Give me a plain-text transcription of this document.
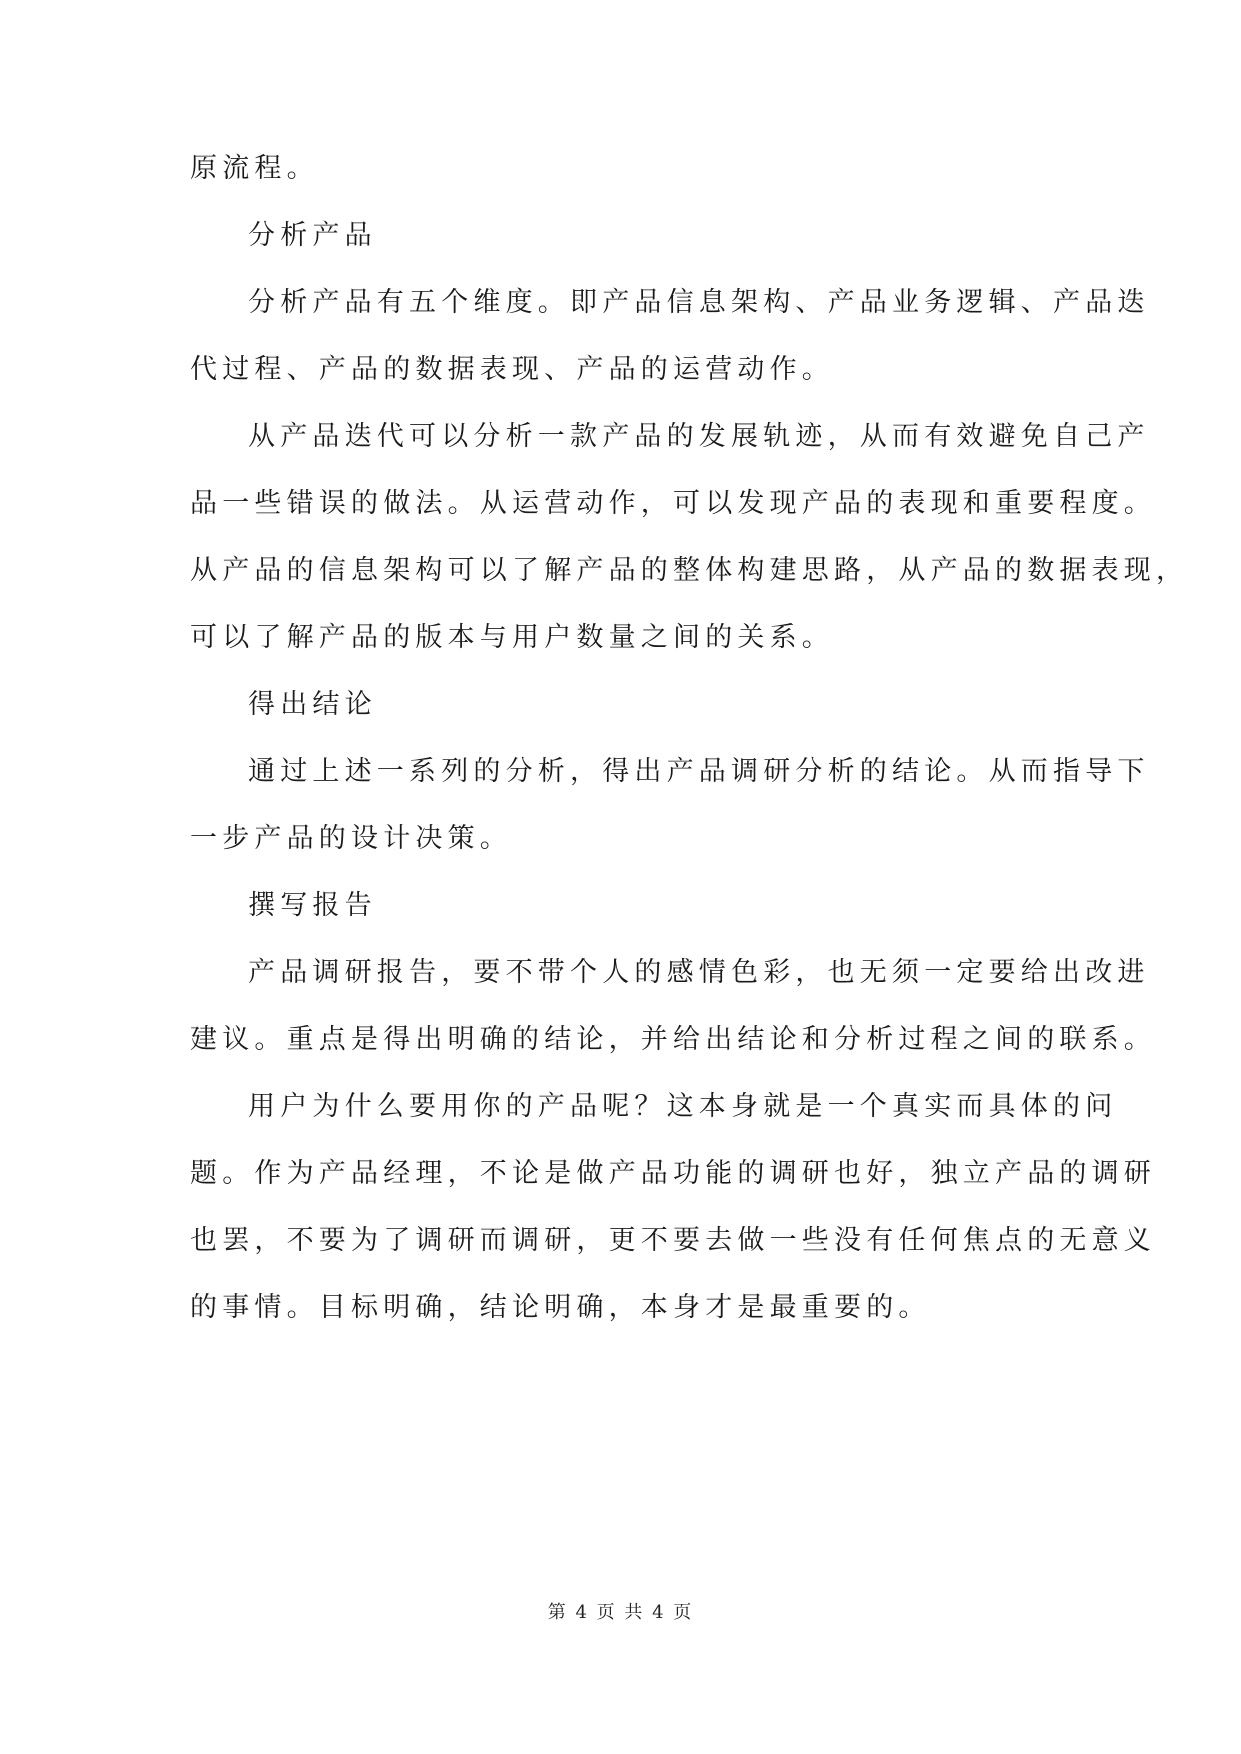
原流程。
分析产品
分析产品有五个维度。即产品信息架构、产品业务逻辑、产品迭
代过程、产品的数据表现、产品的运营动作。
从产品迭代可以分析一款产品的发展轨迹，从而有效避免自己产
品一些错误的做法。从运营动作，可以发现产品的表现和重要程度。
从产品的信息架构可以了解产品的整体构建思路，从产品的数据表现，
可以了解产品的版本与用户数量之间的关系。
得出结论
通过上述一系列的分析，得出产品调研分析的结论。从而指导下
一步产品的设计决策。
撰写报告
产品调研报告，要不带个人的感情色彩，也无须一定要给出改进
建议。重点是得出明确的结论，并给出结论和分析过程之间的联系。
用户为什么要用你的产品呢？这本身就是一个真实而具体的问
题。作为产品经理，不论是做产品功能的调研也好，独立产品的调研
也罢，不要为了调研而调研，更不要去做一些没有任何焦点的无意义
的事情。目标明确，结论明确，本身才是最重要的。
第 4 页 共 4 页
